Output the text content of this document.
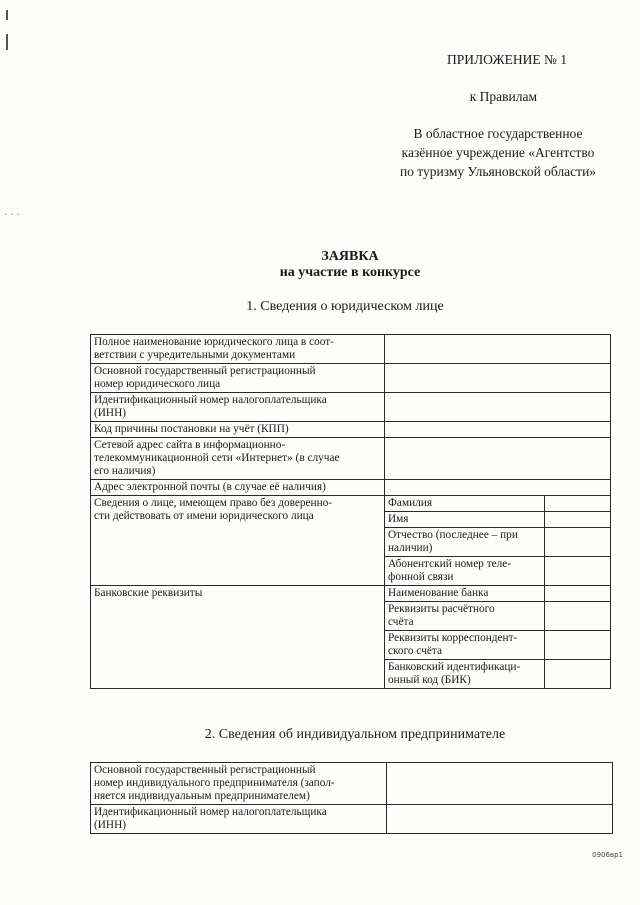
· · ·
ПРИЛОЖЕНИЕ № 1
к Правилам
В областное государственное
казённое учреждение «Агентство
по туризму Ульяновской области»
ЗАЯВКА
на участие в конкурсе
1. Сведения о юридическом лице
Полное наименование юридического лица в соот-
ветствии с учредительными документами		

Основной государственный регистрационный
номер юридического лица		

Идентификационный номер налогоплательщика
(ИНН)		

Код причины постановки на учёт (КПП)		

Сетевой адрес сайта в информационно-
телекоммуникационной сети «Интернет» (в случае
его наличия)		

Адрес электронной почты (в случае её наличия)		

Сведения о лице, имеющем право без доверенно-
сти действовать от имени юридического лица	Фамилия	
	Имя	

	Отчество (последнее – при
наличии)	

	Абонентский номер теле-
фонной связи	

Банковские реквизиты	Наименование банка	

	Реквизиты расчётного
счёта	

	Реквизиты корреспондент-
ского счёта	

	Банковский идентификаци-
онный код (БИК)	

2. Сведения об индивидуальном предпринимателе
Основной государственный регистрационный
номер индивидуального предпринимателя (запол-
няется индивидуальным предпринимателем)	

Идентификационный номер налогоплательщика
(ИНН)	

0906вр1
